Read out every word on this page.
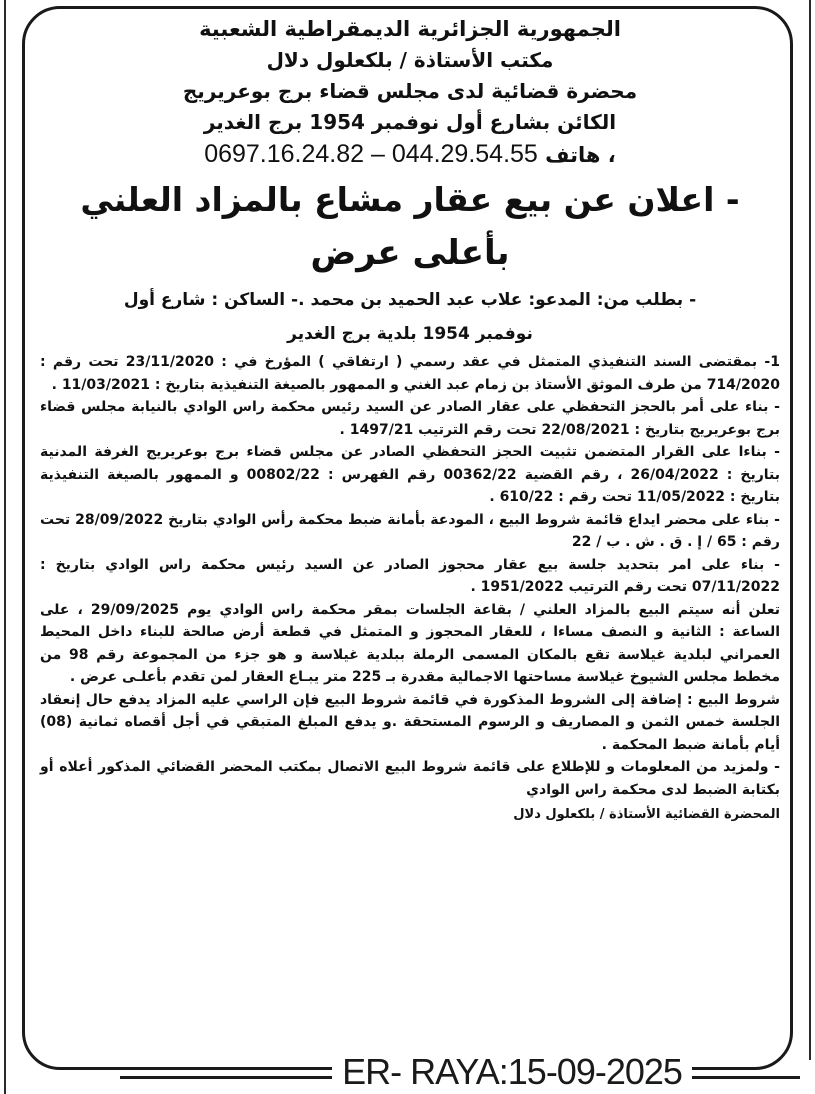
الجمهورية الجزائرية الديمقراطية الشعبية

مكتب الأستاذة / بلكعلول دلال

محضرة قضائية لدى مجلس قضاء برج بوعريريج

الكائن بشارع أول نوفمبر 1954 برج الغدير

، هاتف 0697.16.24.82 – 044.29.54.55

- اعلان عن بيع عقار مشاع بالمزاد العلني

بأعلى عرض

- بطلب من: المدعو: علاب عبد الحميد بن محمد .- الساكن : شارع أول

نوفمبر 1954 بلدية برج الغدير

1- بمقتضى السند التنفيذي المتمثل في عقد رسمي ( ارتفاقي ) المؤرخ في : 23/11/2020 تحت رقم : 714/2020 من طرف الموثق الأستاذ بن زمام عبد الغني و الممهور بالصيغة التنفيذية بتاريخ : 11/03/2021 .

- بناء على أمر بالحجز التحفظي على عقار الصادر عن السيد رئيس محكمة راس الوادي بالنيابة مجلس قضاء برج بوعريريج بتاريخ : 22/08/2021 تحت رقم الترتيب 1497/21 .

- بناءا على القرار المتضمن تثبيت الحجز التحفظي الصادر عن مجلس قضاء برج بوعريريج الغرفة المدنية بتاريخ : 26/04/2022 ، رقم القضية 00362/22 رقم الفهرس : 00802/22 و الممهور بالصيغة التنفيذية بتاريخ : 11/05/2022 تحت رقم : 610/22 .

- بناء على محضر ايداع قائمة شروط البيع ، المودعة بأمانة ضبط محكمة رأس الوادي بتاريخ 28/09/2022 تحت رقم : 65 / إ . ق . ش . ب / 22

- بناء على امر بتحديد جلسة بيع عقار محجوز الصادر عن السيد رئيس محكمة راس الوادي بتاريخ : 07/11/2022 تحت رقم الترتيب 1951/2022 .

تعلن أنه سيتم البيع بالمزاد العلني / بقاعة الجلسات بمقر محكمة راس الوادي يوم 29/09/2025 ، على الساعة : الثانية و النصف مساءا ، للعقار المحجوز و المتمثل في قطعة أرض صالحة للبناء داخل المحيط العمراني لبلدية غيلاسة تقع بالمكان المسمى الرملة ببلدية غيلاسة و هو جزء من المجموعة رقم 98 من مخطط مجلس الشيوخ غيلاسة مساحتها الاجمالية مقدرة بـ 225 متر يبـاع العقار لمن تقدم بأعلـى عرض .

شروط البيع : إضافة إلى الشروط المذكورة في قائمة شروط البيع فإن الراسي عليه المزاد يدفع حال إنعقاد الجلسة خمس الثمن و المصاريف و الرسوم المستحقة .و يدفع المبلغ المتبقي في أجل أقصاه ثمانية (08) أيام بأمانة ضبط المحكمة .

- ولمزيد من المعلومات و للإطلاع على قائمة شروط البيع الاتصال بمكتب المحضر القضائي المذكور أعلاه أو بكتابة الضبط لدى محكمة راس الوادي

المحضرة القضائية الأستاذة / بلكعلول دلال

ER- RAYA:15-09-2025
